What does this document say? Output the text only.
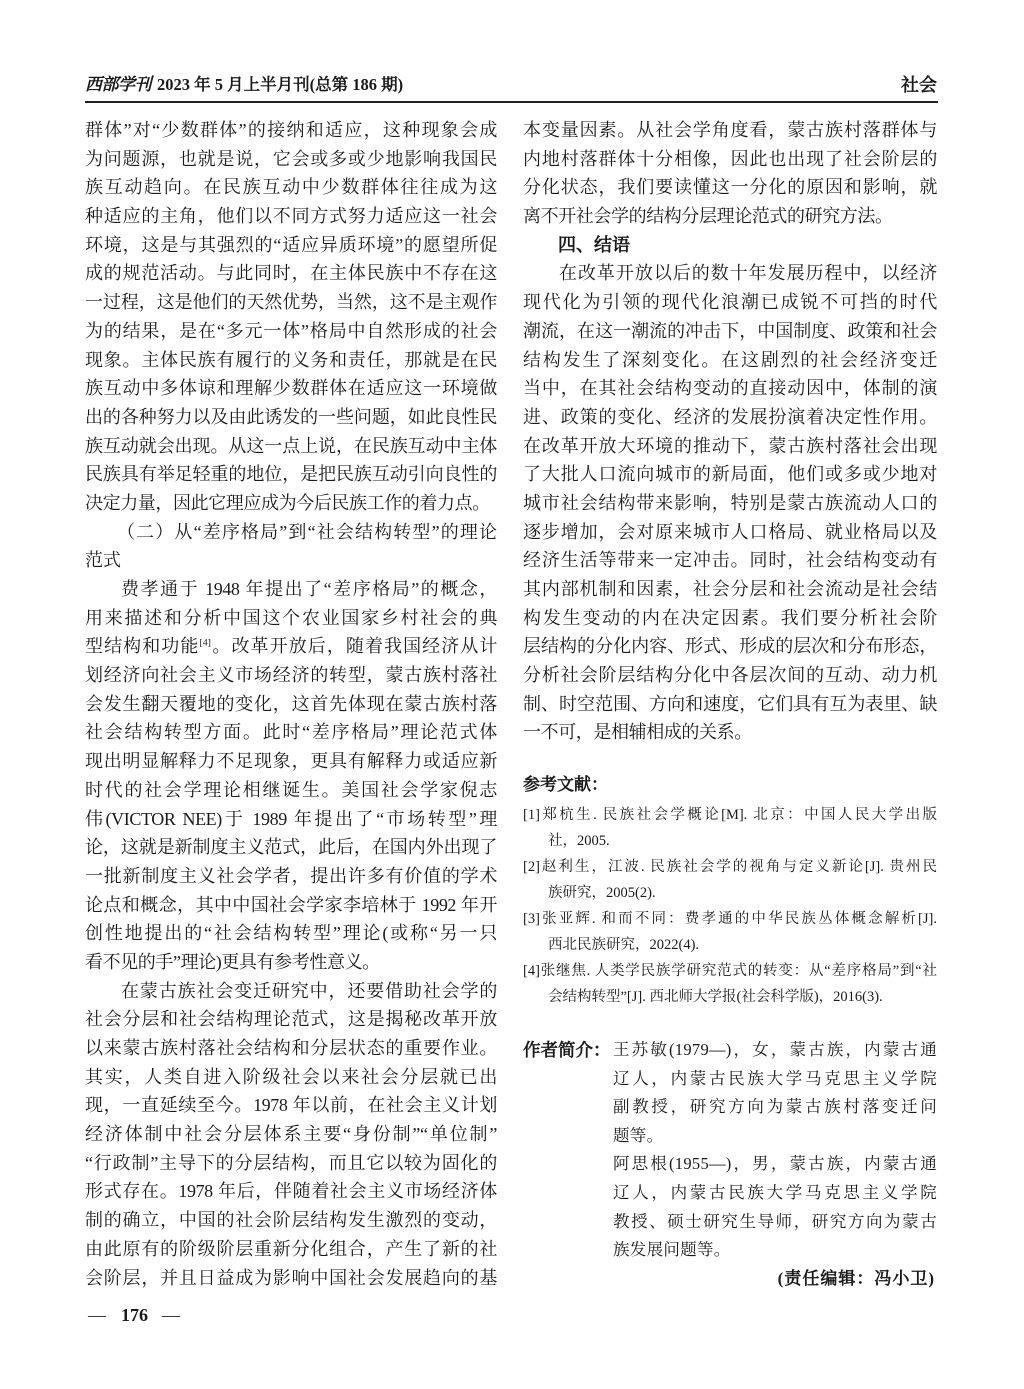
西部学刊 2023 年 5 月上半月刊(总第 186 期)	社会
群体”对“少数群体”的接纳和适应，这种现象会成
为问题源，也就是说，它会或多或少地影响我国民
族互动趋向。在民族互动中少数群体往往成为这
种适应的主角，他们以不同方式努力适应这一社会
环境，这是与其强烈的“适应异质环境”的愿望所促
成的规范活动。与此同时，在主体民族中不存在这
一过程，这是他们的天然优势，当然，这不是主观作
为的结果，是在“多元一体”格局中自然形成的社会
现象。主体民族有履行的义务和责任，那就是在民
族互动中多体谅和理解少数群体在适应这一环境做
出的各种努力以及由此诱发的一些问题，如此良性民
族互动就会出现。从这一点上说，在民族互动中主体
民族具有举足轻重的地位，是把民族互动引向良性的
决定力量，因此它理应成为今后民族工作的着力点。
（二）从“差序格局”到“社会结构转型”的理论
范式
费孝通于 1948 年提出了“差序格局”的概念，
用来描述和分析中国这个农业国家乡村社会的典
型结构和功能[4]。改革开放后，随着我国经济从计
划经济向社会主义市场经济的转型，蒙古族村落社
会发生翻天覆地的变化，这首先体现在蒙古族村落
社会结构转型方面。此时“差序格局”理论范式体
现出明显解释力不足现象，更具有解释力或适应新
时代的社会学理论相继诞生。美国社会学家倪志
伟(VICTOR NEE)于 1989 年提出了“市场转型”理
论，这就是新制度主义范式，此后，在国内外出现了
一批新制度主义社会学者，提出许多有价值的学术
论点和概念，其中中国社会学家李培林于 1992 年开
创性地提出的“社会结构转型”理论(或称“另一只
看不见的手”理论)更具有参考性意义。
在蒙古族社会变迁研究中，还要借助社会学的
社会分层和社会结构理论范式，这是揭秘改革开放
以来蒙古族村落社会结构和分层状态的重要作业。
其实，人类自进入阶级社会以来社会分层就已出
现，一直延续至今。1978 年以前，在社会主义计划
经济体制中社会分层体系主要“身份制”“单位制”
“行政制”主导下的分层结构，而且它以较为固化的
形式存在。1978 年后，伴随着社会主义市场经济体
制的确立，中国的社会阶层结构发生激烈的变动，
由此原有的阶级阶层重新分化组合，产生了新的社
会阶层，并且日益成为影响中国社会发展趋向的基
本变量因素。从社会学角度看，蒙古族村落群体与
内地村落群体十分相像，因此也出现了社会阶层的
分化状态，我们要读懂这一分化的原因和影响，就
离不开社会学的结构分层理论范式的研究方法。
四、结语
在改革开放以后的数十年发展历程中，以经济
现代化为引领的现代化浪潮已成锐不可挡的时代
潮流，在这一潮流的冲击下，中国制度、政策和社会
结构发生了深刻变化。在这剧烈的社会经济变迁
当中，在其社会结构变动的直接动因中，体制的演
进、政策的变化、经济的发展扮演着决定性作用。
在改革开放大环境的推动下，蒙古族村落社会出现
了大批人口流向城市的新局面，他们或多或少地对
城市社会结构带来影响，特别是蒙古族流动人口的
逐步增加，会对原来城市人口格局、就业格局以及
经济生活等带来一定冲击。同时，社会结构变动有
其内部机制和因素，社会分层和社会流动是社会结
构发生变动的内在决定因素。我们要分析社会阶
层结构的分化内容、形式、形成的层次和分布形态，
分析社会阶层结构分化中各层次间的互动、动力机
制、时空范围、方向和速度，它们具有互为表里、缺
一不可，是相辅相成的关系。
参考文献：
[1]郑杭生. 民族社会学概论[M]. 北京：中国人民大学出版
社，2005.
[2]赵利生，江波. 民族社会学的视角与定义新论[J]. 贵州民
族研究，2005(2).
[3]张亚辉. 和而不同：费孝通的中华民族丛体概念解析[J].
西北民族研究，2022(4).
[4]张继焦. 人类学民族学研究范式的转变：从“差序格局”到“社
会结构转型”[J]. 西北师大学报(社会科学版)，2016(3).
作者简介： 王苏敏(1979—)，女，蒙古族，内蒙古通
辽人，内蒙古民族大学马克思主义学院
副教授，研究方向为蒙古族村落变迁问
题等。
阿思根(1955—)，男，蒙古族，内蒙古通
辽人，内蒙古民族大学马克思主义学院
教授、硕士研究生导师，研究方向为蒙古
族发展问题等。
(责任编辑：冯小卫)
— 176 —
